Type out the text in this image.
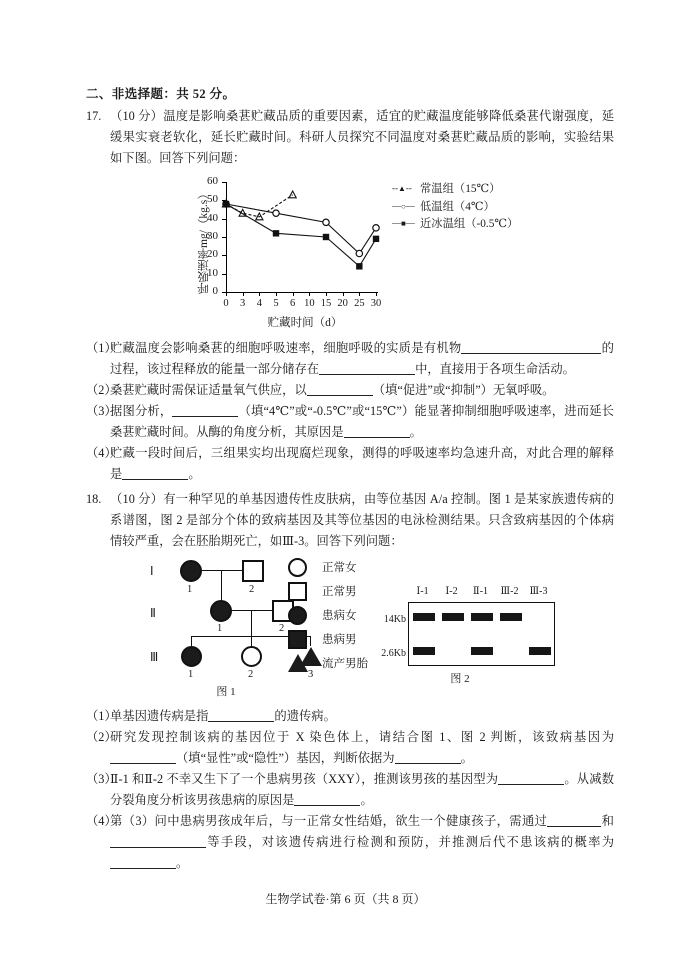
二、非选择题：共 52 分。
17. （10 分）温度是影响桑葚贮藏品质的重要因素，适宜的贮藏温度能够降低桑葚代谢强度，延缓果实衰老软化，延长贮藏时间。科研人员探究不同温度对桑葚贮藏品质的影响，实验结果如下图。回答下列问题：
呼吸速率mg/（kg.s） 0
10
20
30
40
50
60
0	3	4	5	6 10 15 20 25 30
贮藏时间（d）
--▲-- 常温组（15℃）
—○— 低温组（4℃）
—■— 近冰温组（-0.5℃）
（1）
贮藏温度会影响桑葚的细胞呼吸速率，细胞呼吸的实质是有机物	的过程，该过程释放的能量一部分储存在	中，直接用于各项生命活动。
（2）
桑葚贮藏时需保证适量氧气供应，以	（填“促进”或“抑制”）无氧呼吸。
（3）
据图分析，	（填“4℃”或“‐0.5℃”或“15℃”）能显著抑制细胞呼吸速率，进而延长桑葚贮藏时间。从酶的角度分析，其原因是	。
（4）
贮藏一段时间后，三组果实均出现腐烂现象，测得的呼吸速率均急速升高，对此合理的解释是	。
18. （10 分）有一种罕见的单基因遗传性皮肤病，由等位基因 A/a 控制。图 1 是某家族遗传病的系谱图，图 2 是部分个体的致病基因及其等位基因的电泳检测结果。只含致病基因的个体病情较严重，会在胚胎期死亡，如Ⅲ-3。回答下列问题：
Ⅰ
Ⅱ
Ⅲ
1	2
1	2
1	2	3
图 1
正常女
正常男
患病女
患病男
流产男胎
Ⅰ-1	Ⅰ-2	Ⅱ-1	Ⅲ-2	Ⅲ-3
14Kb
2.6Kb
图 2
（1）
单基因遗传病是指	的遗传病。
（2）
研究发现控制该病的基因位于 X 染色体上，请结合图 1、图 2 判断，该致病基因为（填“显性”或“隐性”）基因，判断依据为	。
（3）
Ⅱ-1 和Ⅱ-2 不幸又生下了一个患病男孩（XXY），推测该男孩的基因型为	。从减数分裂角度分析该男孩患病的原因是	。
（4）
第（3）问中患病男孩成年后，与一正常女性结婚，欲生一个健康孩子，需通过	和等手段，对该遗传病进行检测和预防，并推测后代不患该病的概率为。
生物学试卷·第 6 页（共 8 页）
